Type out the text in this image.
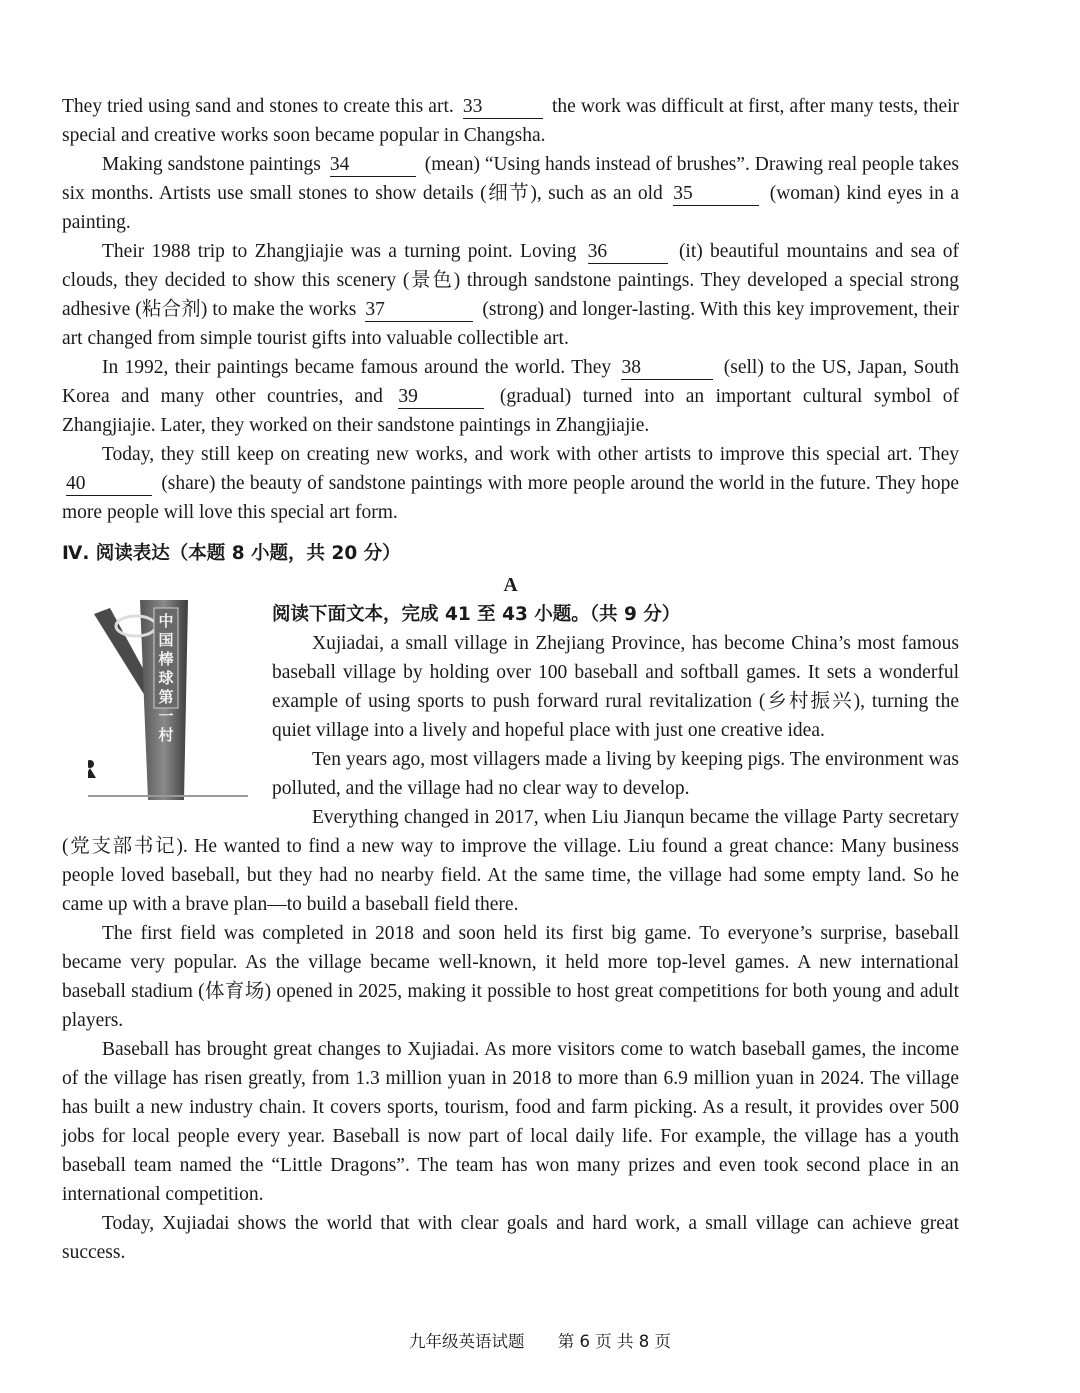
They tried using sand and stones to create this art. 33	the work was difficult at first, after many tests, their special and creative works soon became popular in Changsha.

Making sandstone paintings 34	(mean) “Using hands instead of brushes”. Drawing real people takes six months. Artists use small stones to show details (细节), such as an old 35	(woman) kind eyes in a painting.

Their 1988 trip to Zhangjiajie was a turning point. Loving 36	(it) beautiful mountains and sea of clouds, they decided to show this scenery (景色) through sandstone paintings. They developed a special strong adhesive (粘合剂) to make the works 37	(strong) and longer-lasting. With this key improvement, their art changed from simple tourist gifts into valuable collectible art.

In 1992, their paintings became famous around the world. They 38	(sell) to the US, Japan, South Korea and many other countries, and 39	(gradual) turned into an important cultural symbol of Zhangjiajie. Later, they worked on their sandstone paintings in Zhangjiajie.

Today, they still keep on creating new works, and work with other artists to improve this special art. They 40	(share) the beauty of sandstone paintings with more people around the world in the future. They hope more people will love this special art form.

Ⅳ. 阅读表达（本题 8 小题，共 20 分）
A
中国棒球第一村

阅读下面文本，完成 41 至 43 小题。（共 9 分）

Xujiadai, a small village in Zhejiang Province, has become China’s most famous baseball village by holding over 100 baseball and softball games. It sets a wonderful example of using sports to push forward rural revitalization (乡村振兴), turning the quiet village into a lively and hopeful place with just one creative idea.

Ten years ago, most villagers made a living by keeping pigs. The environment was polluted, and the village had no clear way to develop.

Everything changed in 2017, when Liu Jianqun became the village Party secretary (党支部书记). He wanted to find a new way to improve the village. Liu found a great chance: Many business people loved baseball, but they had no nearby field. At the same time, the village had some empty land. So he came up with a brave plan—to build a baseball field there.

The first field was completed in 2018 and soon held its first big game. To everyone’s surprise, baseball became very popular. As the village became well-known, it held more top-level games. A new international baseball stadium (体育场) opened in 2025, making it possible to host great competitions for both young and adult players.

Baseball has brought great changes to Xujiadai. As more visitors come to watch baseball games, the income of the village has risen greatly, from 1.3 million yuan in 2018 to more than 6.9 million yuan in 2024. The village has built a new industry chain. It covers sports, tourism, food and farm picking. As a result, it provides over 500 jobs for local people every year. Baseball is now part of local daily life. For example, the village has a youth baseball team named the “Little Dragons”. The team has won many prizes and even took second place in an international competition.

Today, Xujiadai shows the world that with clear goals and hard work, a small village can achieve great success.

九年级英语试题 第 6 页 共 8 页
